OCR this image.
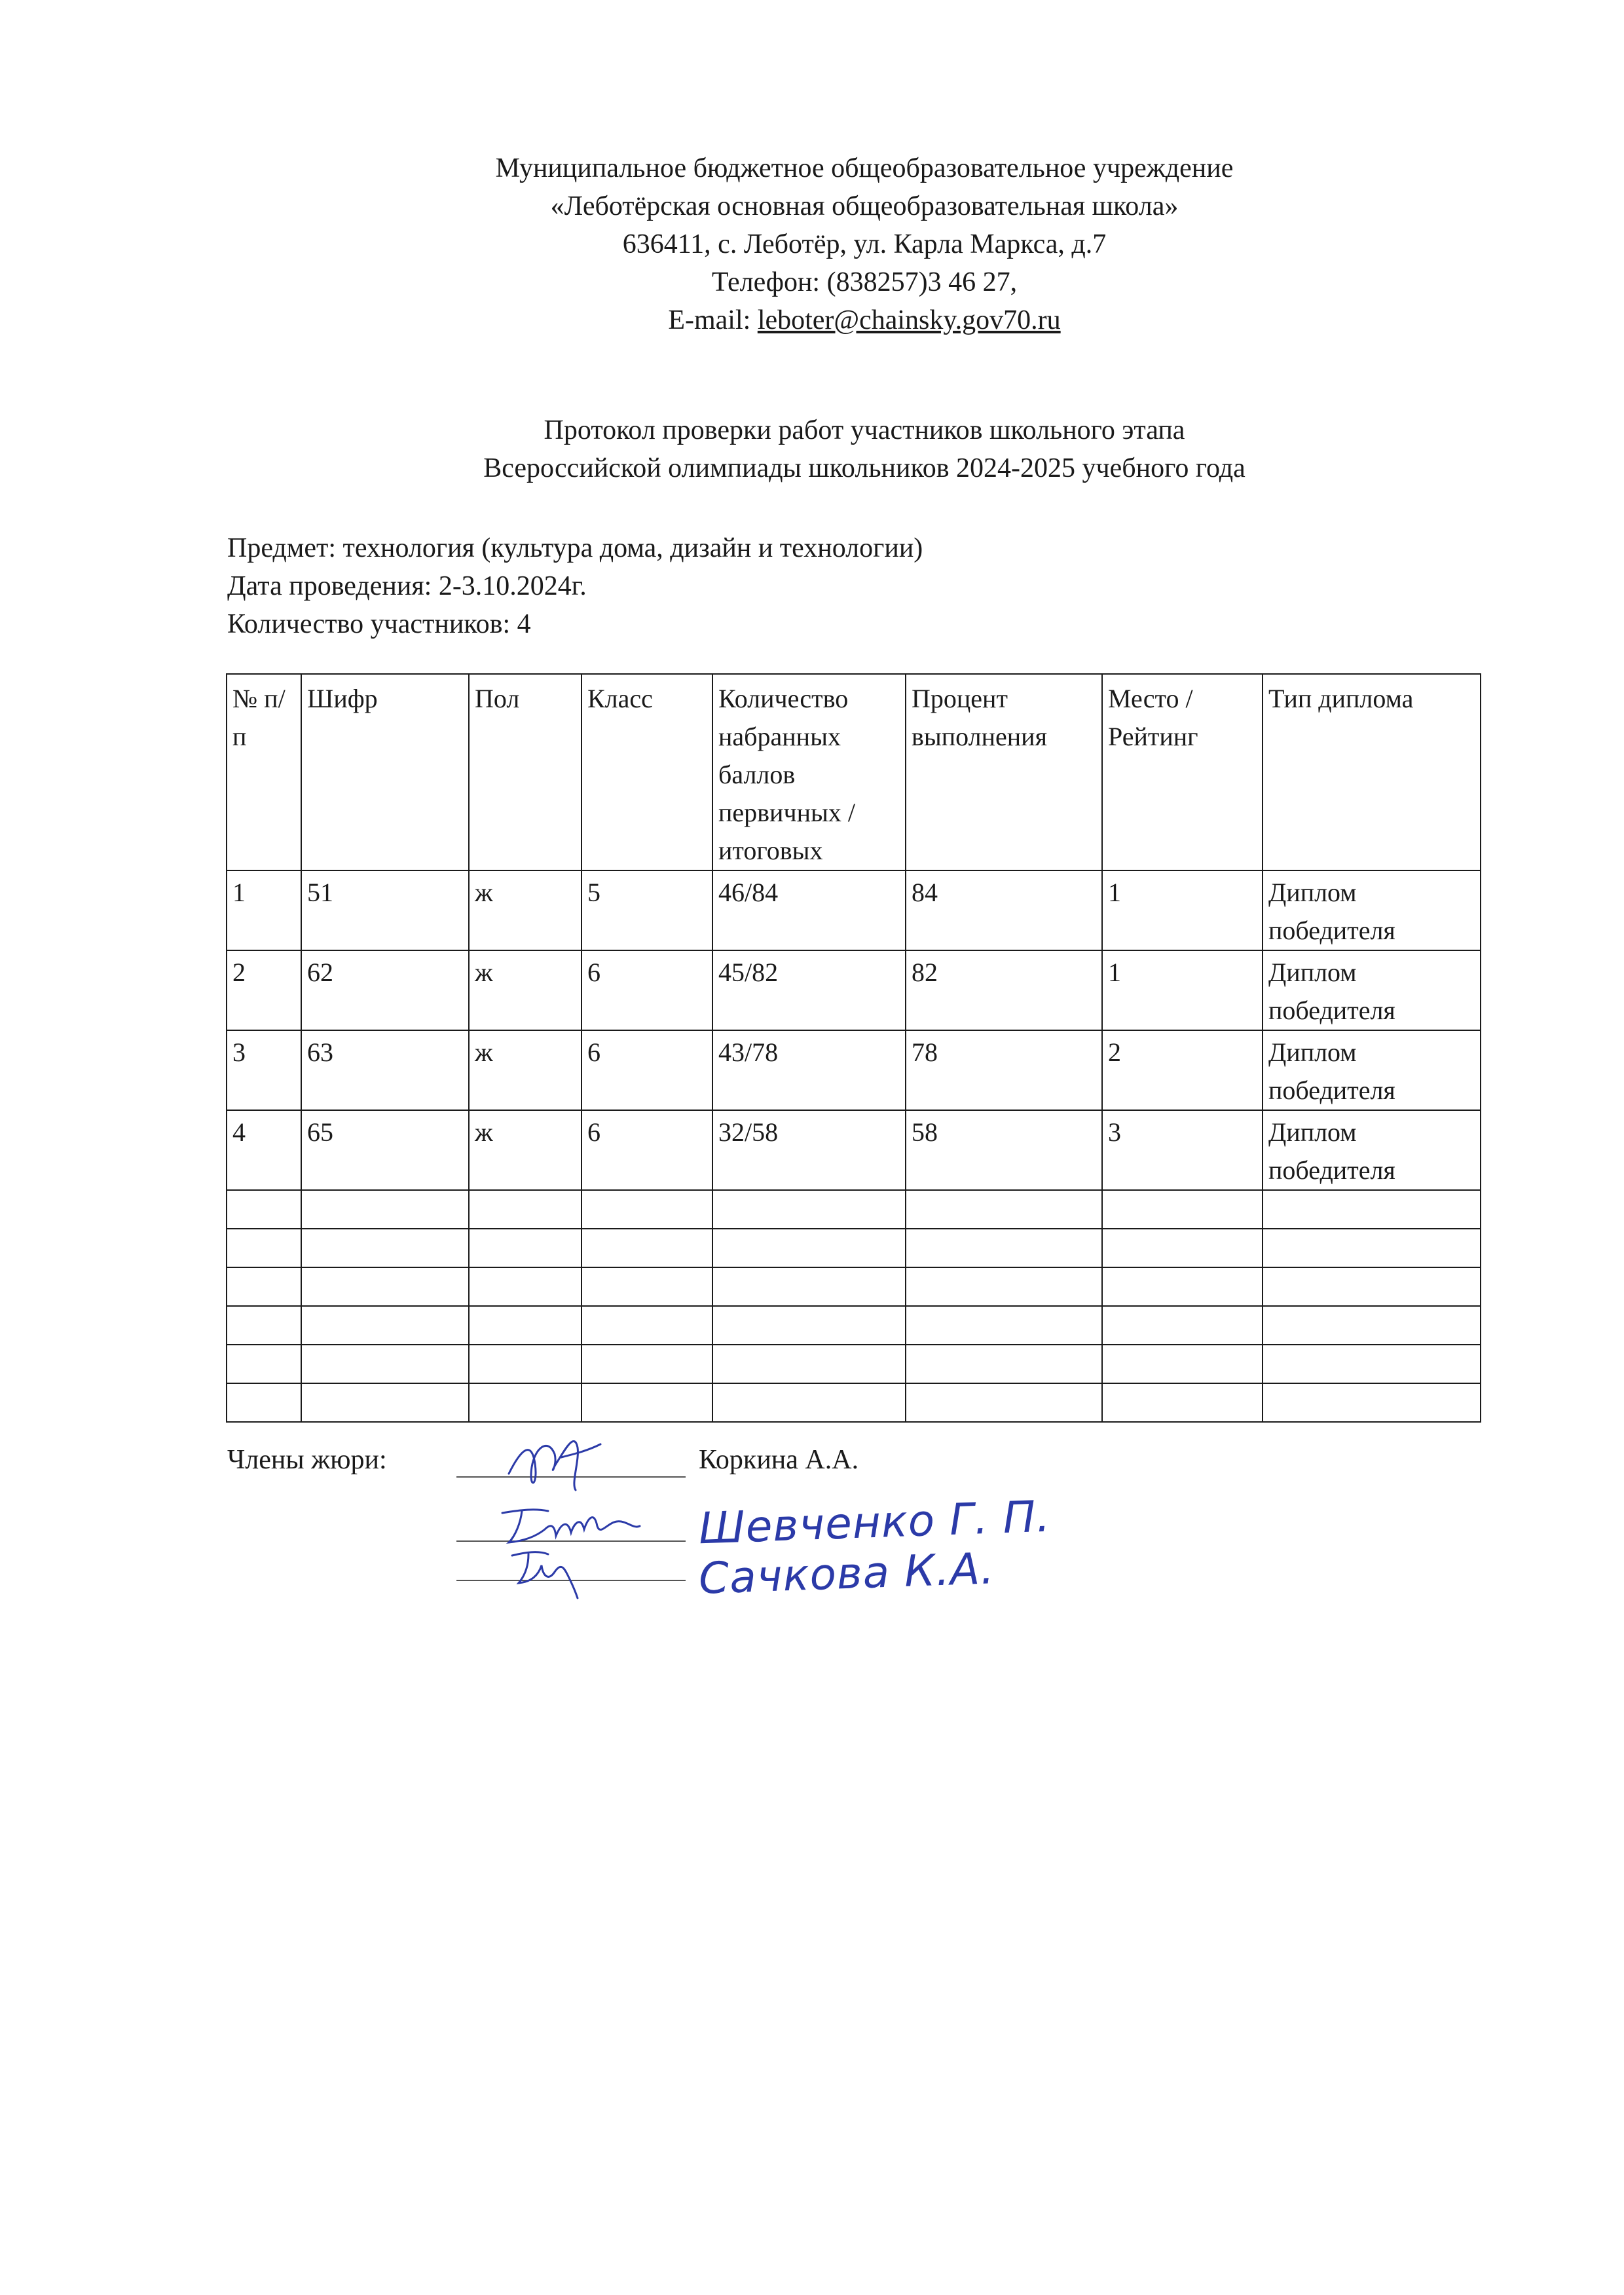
Муниципальное бюджетное общеобразовательное учреждение
«Леботёрская основная общеобразовательная школа»
636411, с. Леботёр, ул. Карла Маркса, д.7
Телефон: (838257)3 46 27,
E-mail: leboter@chainsky.gov70.ru
Протокол проверки работ участников школьного этапа
Всероссийской олимпиады школьников 2024-2025 учебного года
Предмет: технология (культура дома, дизайн и технологии)
Дата проведения: 2-3.10.2024г.
Количество участников: 4
№ п/п	Шифр	Пол	Класс	Количество набранных баллов первичных / итоговых	Процент выполнения	Место / Рейтинг	Тип диплома
1	51	ж	5	46/84	84	1	Диплом победителя
2	62	ж	6	45/82	82	1	Диплом победителя
3	63	ж	6	43/78	78	2	Диплом победителя
4	65	ж	6	32/58	58	3	Диплом победителя

Члены жюри:	Коркина А.А.
Шевченко Г. П.
Сачкова К.А.
